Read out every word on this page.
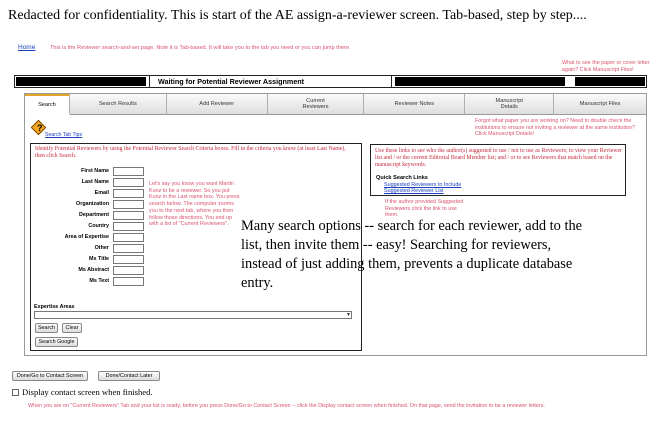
Redacted for confidentiality. This is start of the AE assign-a-reviewer screen. Tab-based, step by step....
Home	This is the Reviewer search-and-set page. Note it is Tab-based. It will take you to the tab you need or you can jump there.
What to see the paper or cover letter again? Click Manuscript Files!
Waiting for Potential Reviewer Assignment
Search	Search Results	Add Reviewer
Current Reviewers
Reviewer Notes
Manuscript Details
Manuscript Files
?
Search Tab Tips
Forgot what paper you are working on? Need to double check the institutions to ensure not inviting a reviewer at the same institution? Click Manuscript Details!
Identify Potential Reviewers by using the Potential Reviewer Search Criteria boxes. Fill in the criteria you know (at least Last Name), then click Search.
First Name
Last Name
Email
Organization
Department
Country
Area of Expertise
Other
Ms Title
Ms Abstract
Ms Text
Let's say you know you want Martin Kunz to be a reviewer. So you put Kunz in the Last name box. You press search below. The computer zooms you to the next tab, where you then follow those directions. You end up with a list of "Current Reviewers".
Expertise Areas
▾
Search	Clear
Search Google
Use these links to see who the author(s) suggested to use / not to use as Reviewers; to view your Reviewer list and / or the current Editorial Board Member list; and / or to see Reviewers that match based on the manuscript keywords.
Quick Search Links
Suggested Reviewers to Include
Suggested Reviewer List
If the author provided Suggested Reviewers click the link to use them.
Many search options -- search for each reviewer, add to the list, then invite them -- easy! Searching for reviewers, instead of just adding them, prevents a duplicate database entry.
Done/Go to Contact Screen	Done/Contact Later
Display contact screen when finished.
When you are on "Current Reviewers" Tab and your list is ready, before you press Done/Go to Contact Screen -- click the Display contact screen when finished. On that page, send the invitation to be a reviewer letters.
